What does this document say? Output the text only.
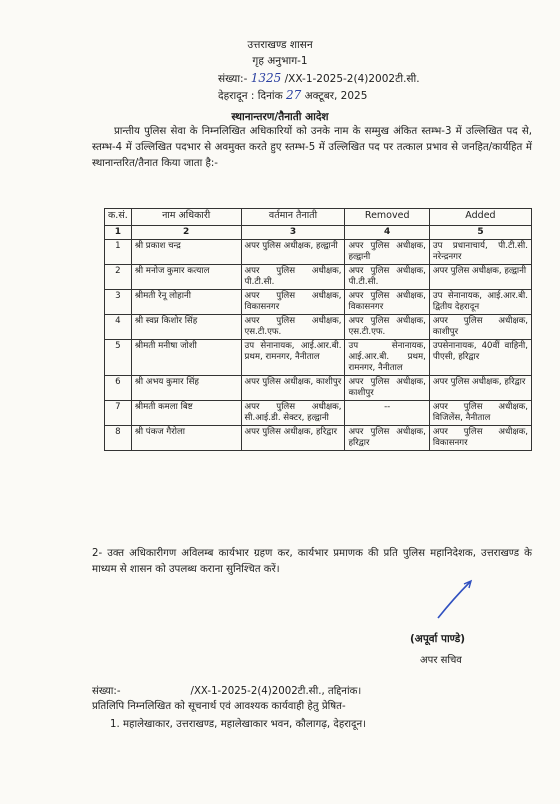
उत्तराखण्ड शासन
गृह अनुभाग-1
संख्या:- 1325 /XX-1-2025-2(4)2002टी.सी.
देहरादून : दिनांक 27 अक्टूबर, 2025
स्थानान्तरण/तैनाती आदेश
प्रान्तीय पुलिस सेवा के निम्नलिखित अधिकारियों को उनके नाम के सम्मुख अंकित स्तम्भ-3 में उल्लिखित पद से, स्तम्भ-4 में उल्लिखित पदभार से अवमुक्त करते हुए स्तम्भ-5 में उल्लिखित पद पर तत्काल प्रभाव से जनहित/कार्यहित में स्थानान्तरित/तैनात किया जाता है:-
क.सं.	नाम अधिकारी	वर्तमान तैनाती	Removed	Added
1	2	3	4	5
1	श्री प्रकाश चन्द्र	अपर पुलिस अधीक्षक, हल्द्वानी	अपर पुलिस अधीक्षक, हल्द्वानी	उप प्रधानाचार्य, पी.टी.सी. नरेन्द्रनगर
2	श्री मनोज कुमार कत्याल	अपर पुलिस अधीक्षक, पी.टी.सी.	अपर पुलिस अधीक्षक, पी.टी.सी.	अपर पुलिस अधीक्षक, हल्द्वानी
3	श्रीमती रेनू लोहानी	अपर पुलिस अधीक्षक, विकासनगर	अपर पुलिस अधीक्षक, विकासनगर	उप सेनानायक, आई.आर.बी. द्वितीय देहरादून
4	श्री स्वप्न किशोर सिंह	अपर पुलिस अधीक्षक, एस.टी.एफ.	अपर पुलिस अधीक्षक, एस.टी.एफ.	अपर पुलिस अधीक्षक, काशीपुर
5	श्रीमती मनीषा जोशी	उप सेनानायक, आई.आर.बी. प्रथम, रामनगर, नैनीताल	उप सेनानायक, आई.आर.बी. प्रथम, रामनगर, नैनीताल	उपसेनानायक, 40वीं वाहिनी, पीएसी, हरिद्वार
6	श्री अभय कुमार सिंह	अपर पुलिस अधीक्षक, काशीपुर	अपर पुलिस अधीक्षक, काशीपुर	अपर पुलिस अधीक्षक, हरिद्वार
7	श्रीमती कमला बिष्ट	अपर पुलिस अधीक्षक, सी.आई.डी. सेक्टर, हल्द्वानी	--	अपर पुलिस अधीक्षक, विजिलेंस, नैनीताल
8	श्री पंकज गैरोला	अपर पुलिस अधीक्षक, हरिद्वार	अपर पुलिस अधीक्षक, हरिद्वार	अपर पुलिस अधीक्षक, विकासनगर
2- उक्त अधिकारीगण अविलम्ब कार्यभार ग्रहण कर, कार्यभार प्रमाणक की प्रति पुलिस महानिदेशक, उत्तराखण्ड के माध्यम से शासन को उपलब्ध कराना सुनिश्चित करें।
(अपूर्वा पाण्डे)
अपर सचिव
संख्या:-	/XX-1-2025-2(4)2002टी.सी., तद्दिनांक।
प्रतिलिपि निम्नलिखित को सूचनार्थ एवं आवश्यक कार्यवाही हेतु प्रेषित-
1. महालेखाकार, उत्तराखण्ड, महालेखाकार भवन, कौलागढ़, देहरादून।
